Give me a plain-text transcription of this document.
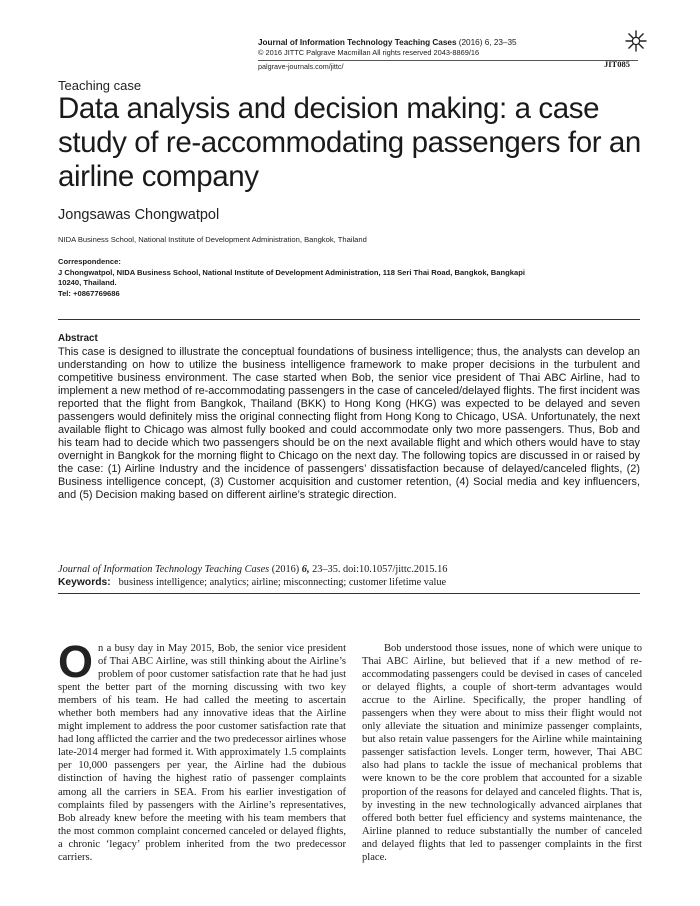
Journal of Information Technology Teaching Cases (2016) 6, 23–35
© 2016 JITTC Palgrave Macmillan All rights reserved 2043-8869/16
palgrave-journals.com/jittc/	JIT085
Teaching case
Data analysis and decision making: a case study of re-accommodating passengers for an airline company
Jongsawas Chongwatpol
NIDA Business School, National Institute of Development Administration, Bangkok, Thailand
Correspondence:
J Chongwatpol, NIDA Business School, National Institute of Development Administration, 118 Seri Thai Road, Bangkok, Bangkapi 10240, Thailand.
Tel: +0867769686
Abstract
This case is designed to illustrate the conceptual foundations of business intelligence; thus, the analysts can develop an understanding on how to utilize the business intelligence framework to make proper decisions in the turbulent and competitive business environment. The case started when Bob, the senior vice president of Thai ABC Airline, had to implement a new method of re-accommodating passengers in the case of canceled/delayed flights. The first incident was reported that the flight from Bangkok, Thailand (BKK) to Hong Kong (HKG) was expected to be delayed and seven passengers would definitely miss the original connecting flight from Hong Kong to Chicago, USA. Unfortunately, the next available flight to Chicago was almost fully booked and could accommodate only two more passengers. Thus, Bob and his team had to decide which two passengers should be on the next available flight and which others would have to stay overnight in Bangkok for the morning flight to Chicago on the next day. The following topics are discussed in or raised by the case: (1) Airline Industry and the incidence of passengers’ dissatisfaction because of delayed/canceled flights, (2) Business intelligence concept, (3) Customer acquisition and customer retention, (4) Social media and key influencers, and (5) Decision making based on different airline’s strategic direction.
Journal of Information Technology Teaching Cases (2016) 6, 23–35. doi:10.1057/jittc.2015.16
Keywords: business intelligence; analytics; airline; misconnecting; customer lifetime value
On a busy day in May 2015, Bob, the senior vice president of Thai ABC Airline, was still thinking about the Airline’s problem of poor customer satisfaction rate that he had just spent the better part of the morning discussing with two key members of his team. He had called the meeting to ascertain whether both members had any innovative ideas that the Airline might implement to address the poor customer satisfaction rate that had long afflicted the carrier and the two predecessor airlines whose late-2014 merger had formed it. With approximately 1.5 complaints per 10,000 passengers per year, the Airline had the dubious distinction of having the highest ratio of passenger complaints among all the carriers in SEA. From his earlier investigation of complaints filed by passengers with the Airline’s representatives, Bob already knew before the meeting with his team members that the most common complaint concerned canceled or delayed flights, a chronic ‘legacy’ problem inherited from the two predecessor carriers.
Bob understood those issues, none of which were unique to Thai ABC Airline, but believed that if a new method of re-accommodating passengers could be devised in cases of canceled or delayed flights, a couple of short-term advantages would accrue to the Airline. Specifically, the proper handling of passengers when they were about to miss their flight would not only alleviate the situation and minimize passenger complaints, but also retain value passengers for the Airline while maintaining passenger satisfaction levels. Longer term, however, Thai ABC also had plans to tackle the issue of mechanical problems that were known to be the core problem that accounted for a sizable proportion of the reasons for delayed and canceled flights. That is, by investing in the new technologically advanced airplanes that offered both better fuel efficiency and systems maintenance, the Airline planned to reduce substantially the number of canceled and delayed flights that led to passenger complaints in the first place.
